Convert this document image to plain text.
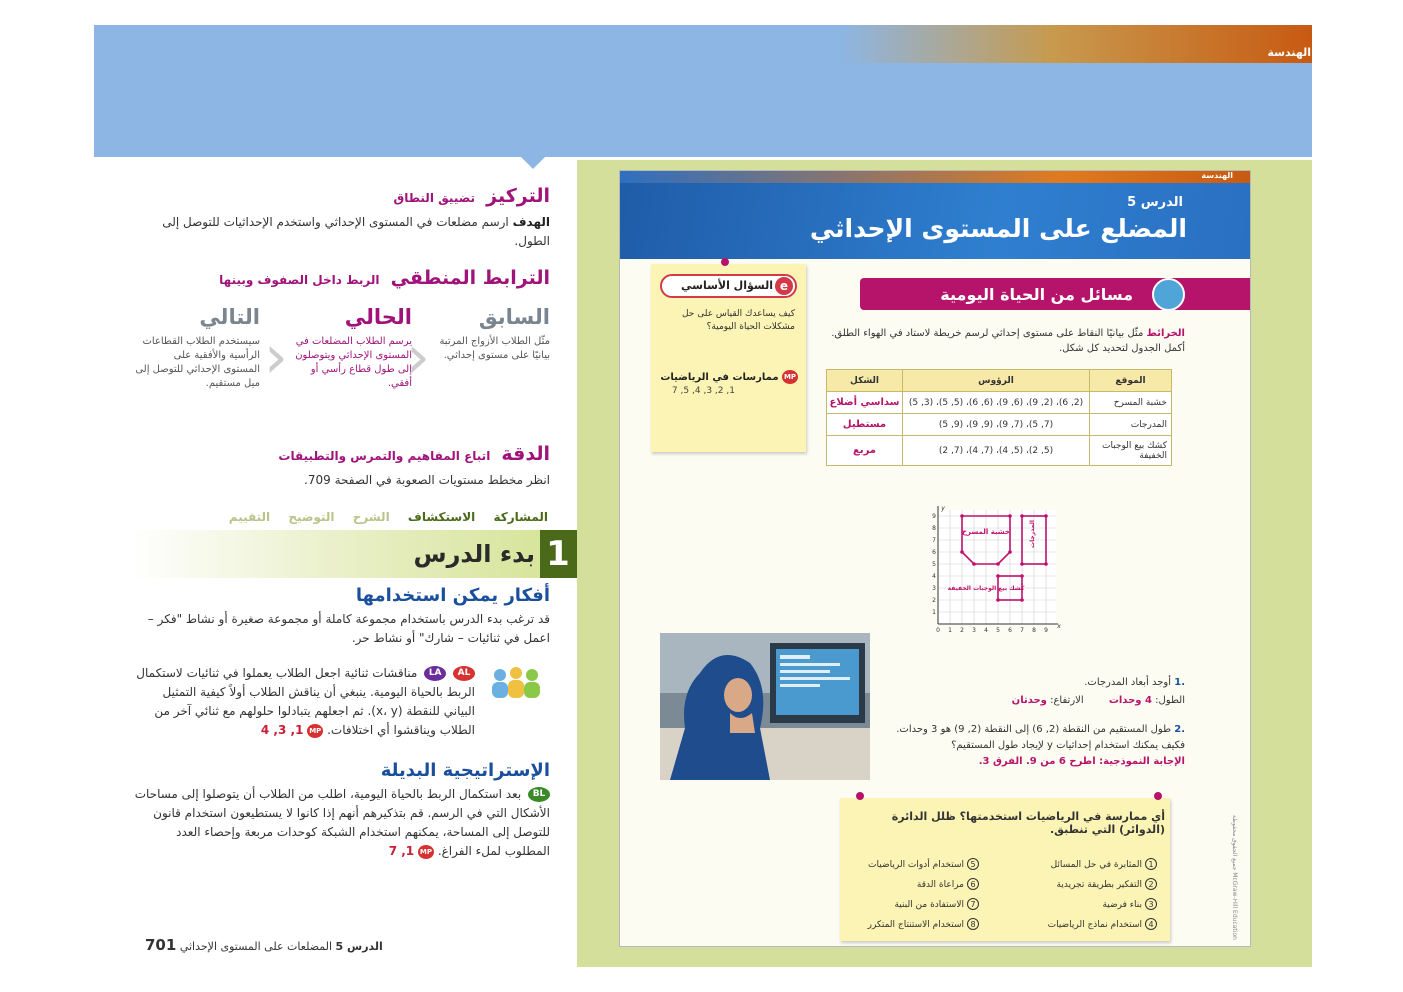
الهندسة
التركيز تضييق النطاق
الهدف ارسم مضلعات في المستوى الإحداثي واستخدم الإحداثيات للتوصل إلى الطول.
الترابط المنطقي الربط داخل الصفوف وبينها
السابق
مثّل الطلاب الأزواج المرتبة بيانيًا على مستوى إحداثي.
‹
الحالي
يرسم الطلاب المضلعات في المستوى الإحداثي ويتوصلون إلى طول قطاع رأسي أو أفقي.
‹
التالي
سيستخدم الطلاب القطاعات الرأسية والأفقية على المستوى الإحداثي للتوصل إلى ميل مستقيم.
الدقة اتباع المفاهيم والتمرس والتطبيقات
انظر مخطط مستويات الصعوبة في الصفحة 709.
المشاركة الاستكشاف الشرح التوضيح التقييم
1
بدء الدرس
أفكار يمكن استخدامها
قد ترغب بدء الدرس باستخدام مجموعة كاملة أو مجموعة صغيرة أو نشاط "فكر – اعمل في ثنائيات – شارك" أو نشاط حر.
AL LA مناقشات ثنائية اجعل الطلاب يعملوا في ثنائيات لاستكمال الربط بالحياة اليومية. ينبغي أن يناقش الطلاب أولاً كيفية التمثيل البياني للنقطة (x، y). ثم اجعلهم يتبادلوا حلولهم مع ثنائي آخر من الطلاب ويناقشوا أي اختلافات. MP 1, 3, 4
الإستراتيجية البديلة
BL بعد استكمال الربط بالحياة اليومية، اطلب من الطلاب أن يتوصلوا إلى مساحات الأشكال التي في الرسم. قم بتذكيرهم أنهم إذا كانوا لا يستطيعون استخدام قانون للتوصل إلى المساحة، يمكنهم استخدام الشبكة كوحدات مربعة وإحصاء العدد المطلوب لملء الفراغ. MP 1, 7
الدرس 5 المضلعات على المستوى الإحداثي 701
الهندسة
الدرس 5
المضلع على المستوى الإحداثي
مسائل من الحياة اليومية
e
السؤال الأساسي
كيف يساعدك القياس على حل مشكلات الحياة اليومية؟
MP ممارسات في الرياضيات
1, 2, 3, 4, 5, 7
الخرائط مثّل بيانيًا النقاط على مستوى إحداثي لرسم خريطة لاستاد في الهواء الطلق. أكمل الجدول لتحديد كل شكل.
الموقع	الرؤوس	الشكل
خشبة المسرح	(2, 6)، (2, 9)، (6, 9)، (6, 6)، (5, 5)، (3, 5)	سداسي أضلاع
المدرجات	(7, 5)، (7, 9)، (9, 9)، (9, 5)	مستطيل
كشك بيع الوجبات الخفيفة	(5, 2)، (5, 4)، (7, 4)، (7, 2)	مربع
خشبة المسرح	المدرجات
كشك بيع الوجبات الخفيفة
1
2
3
4
5
6
7
8
9
0 1 2 3 4 5 6 7 8 9
x
y
.1 أوجد أبعاد المدرجات.
الطول: 4 وحدات الارتفاع: وحدتان
.2 طول المستقيم من النقطة (2, 6) إلى النقطة (2, 9) هو 3 وحدات. فكيف يمكنك استخدام إحداثيات y لإيجاد طول المستقيم؟
الإجابة النموذجية: اطرح 6 من 9. الفرق 3.
أي ممارسة في الرياضيات استخدمتها؟ ظلل الدائرة (الدوائر) التي تنطبق.
1المثابرة في حل المسائل
2التفكير بطريقة تجريدية
3بناء فرضية
4استخدام نماذج الرياضيات
5استخدام أدوات الرياضيات
6مراعاة الدقة
7الاستفادة من البنية
8استخدام الاستنتاج المتكرر
McGraw-Hill Education جميع الحقوق محفوظة
